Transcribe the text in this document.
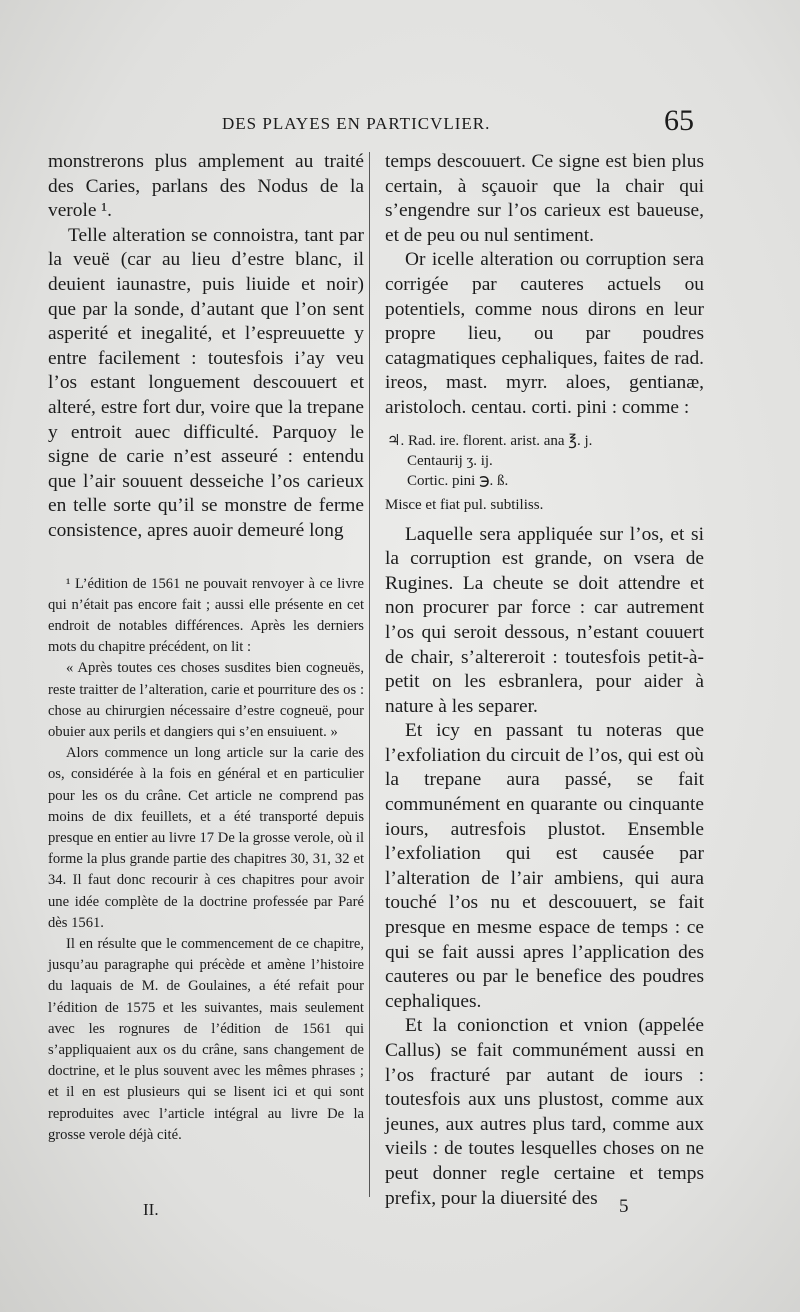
DES PLAYES EN PARTICVLIER.	65

monstrerons plus amplement au traité des Caries, parlans des Nodus de la verole ¹.

Telle alteration se connoistra, tant par la veuë (car au lieu d’estre blanc, il deuient iaunastre, puis liuide et noir) que par la sonde, d’autant que l’on sent asperité et inegalité, et l’espreuuette y entre facilement : toutesfois i’ay veu l’os estant longuement descouuert et alteré, estre fort dur, voire que la trepane y entroit auec difficulté. Parquoy le signe de carie n’est asseuré : entendu que l’air souuent desseiche l’os carieux en telle sorte qu’il se monstre de ferme consistence, apres auoir demeuré long

¹ L’édition de 1561 ne pouvait renvoyer à ce livre qui n’était pas encore fait ; aussi elle présente en cet endroit de notables différences. Après les derniers mots du chapitre précédent, on lit :

« Après toutes ces choses susdites bien cogneuës, reste traitter de l’alteration, carie et pourriture des os : chose au chirurgien nécessaire d’estre cogneuë, pour obuier aux perils et dangiers qui s’en ensuiuent. »

Alors commence un long article sur la carie des os, considérée à la fois en général et en particulier pour les os du crâne. Cet article ne comprend pas moins de dix feuillets, et a été transporté depuis presque en entier au livre 17 De la grosse verole, où il forme la plus grande partie des chapitres 30, 31, 32 et 34. Il faut donc recourir à ces chapitres pour avoir une idée complète de la doctrine professée par Paré dès 1561.

Il en résulte que le commencement de ce chapitre, jusqu’au paragraphe qui précède et amène l’histoire du laquais de M. de Goulaines, a été refait pour l’édition de 1575 et les suivantes, mais seulement avec les rognures de l’édition de 1561 qui s’appliquaient aux os du crâne, sans changement de doctrine, et le plus souvent avec les mêmes phrases ; et il en est plusieurs qui se lisent ici et qui sont reproduites avec l’article intégral au livre De la grosse verole déjà cité.

temps descouuert. Ce signe est bien plus certain, à sçauoir que la chair qui s’engendre sur l’os carieux est baueuse, et de peu ou nul sentiment.

Or icelle alteration ou corruption sera corrigée par cauteres actuels ou potentiels, comme nous dirons en leur propre lieu, ou par poudres catagmatiques cephaliques, faites de rad. ireos, mast. myrr. aloes, gentianæ, aristoloch. centau. corti. pini : comme :

♃. Rad. ire. florent. arist. ana ℥. j.
Centaurij ʒ. ij.
Cortic. pini ℈. ß.
Misce et fiat pul. subtiliss.

Laquelle sera appliquée sur l’os, et si la corruption est grande, on vsera de Rugines. La cheute se doit attendre et non procurer par force : car autrement l’os qui seroit dessous, n’estant couuert de chair, s’altereroit : toutesfois petit-à-petit on les esbranlera, pour aider à nature à les separer.

Et icy en passant tu noteras que l’exfoliation du circuit de l’os, qui est où la trepane aura passé, se fait communément en quarante ou cinquante iours, autresfois plustot. Ensemble l’exfoliation qui est causée par l’alteration de l’air ambiens, qui aura touché l’os nu et descouuert, se fait presque en mesme espace de temps : ce qui se fait aussi apres l’application des cauteres ou par le benefice des poudres cephaliques.

Et la conionction et vnion (appelée Callus) se fait communément aussi en l’os fracturé par autant de iours : toutesfois aux uns plustost, comme aux jeunes, aux autres plus tard, comme aux vieils : de toutes lesquelles choses on ne peut donner regle certaine et temps prefix, pour la diuersité des

II.	5
